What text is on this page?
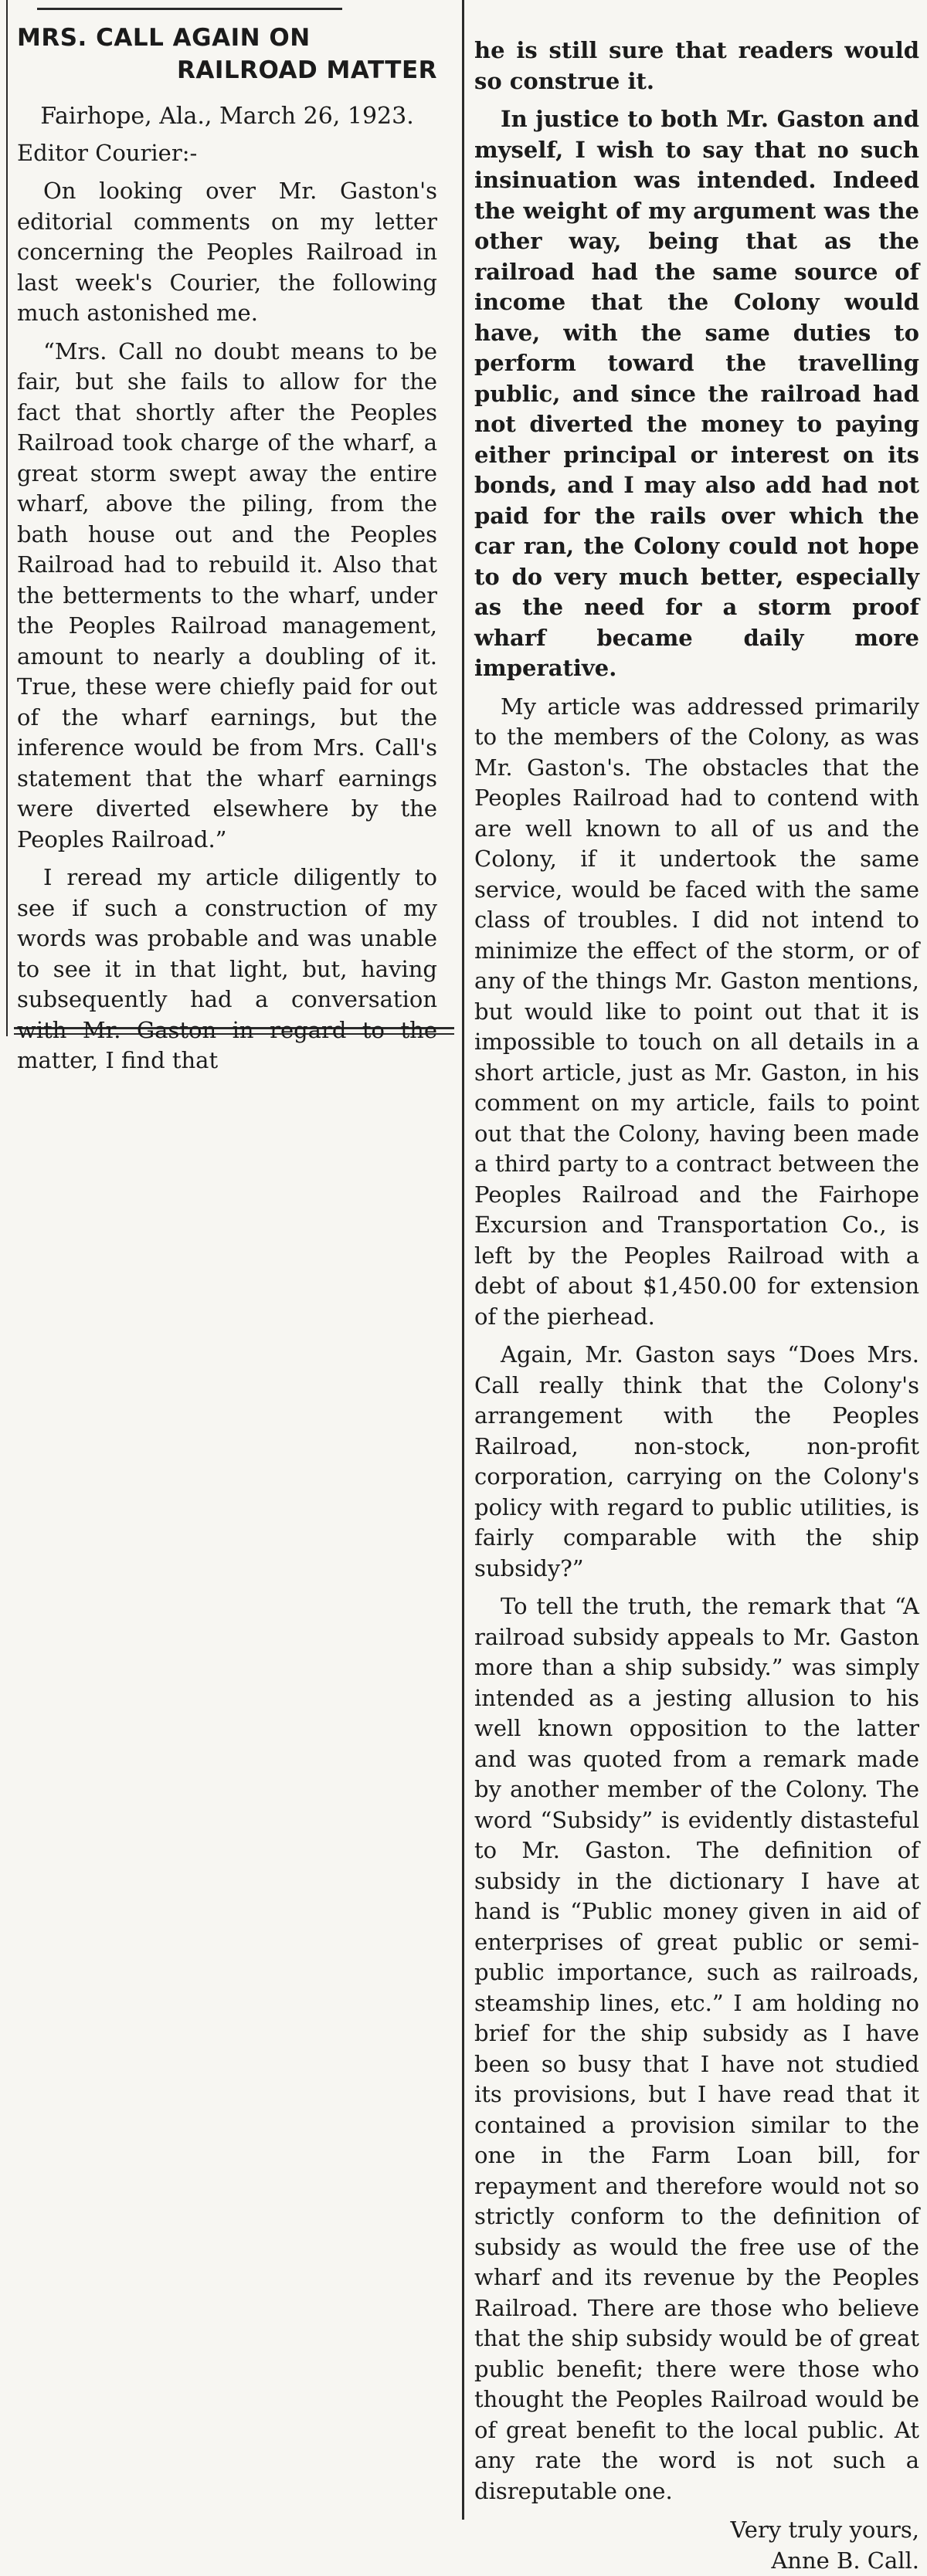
MRS. CALL AGAIN ON
RAILROAD MATTER
Fairhope, Ala., March 26, 1923.
Editor Courier:-

On looking over Mr. Gaston's editorial comments on my letter concerning the Peoples Railroad in last week's Courier, the following much astonished me.

“Mrs. Call no doubt means to be fair, but she fails to allow for the fact that shortly after the Peoples Railroad took charge of the wharf, a great storm swept away the entire wharf, above the piling, from the bath house out and the Peoples Railroad had to rebuild it. Also that the betterments to the wharf, under the Peoples Railroad management, amount to nearly a doubling of it. True, these were chiefly paid for out of the wharf earnings, but the inference would be from Mrs. Call's statement that the wharf earnings were diverted elsewhere by the Peoples Railroad.”

I reread my article diligently to see if such a construction of my words was probable and was unable to see it in that light, but, having subsequently had a conversation with Mr. Gaston in regard to the matter, I find that

he is still sure that readers would so construe it.

In justice to both Mr. Gaston and myself, I wish to say that no such insinuation was intended. Indeed the weight of my argument was the other way, being that as the railroad had the same source of income that the Colony would have, with the same duties to perform toward the travelling public, and since the railroad had not diverted the money to paying either principal or interest on its bonds, and I may also add had not paid for the rails over which the car ran, the Colony could not hope to do very much better, especially as the need for a storm proof wharf became daily more imperative.

My article was addressed primarily to the members of the Colony, as was Mr. Gaston's. The obstacles that the Peoples Railroad had to contend with are well known to all of us and the Colony, if it undertook the same service, would be faced with the same class of troubles. I did not intend to minimize the effect of the storm, or of any of the things Mr. Gaston mentions, but would like to point out that it is impossible to touch on all details in a short article, just as Mr. Gaston, in his comment on my article, fails to point out that the Colony, having been made a third party to a contract between the Peoples Railroad and the Fairhope Excursion and Transportation Co., is left by the Peoples Railroad with a debt of about $1,450.00 for extension of the pierhead.

Again, Mr. Gaston says “Does Mrs. Call really think that the Colony's arrangement with the Peoples Railroad, non-stock, non-profit corporation, carrying on the Colony's policy with regard to public utilities, is fairly comparable with the ship subsidy?”

To tell the truth, the remark that “A railroad subsidy appeals to Mr. Gaston more than a ship subsidy.” was simply intended as a jesting allusion to his well known opposition to the latter and was quoted from a remark made by another member of the Colony. The word “Subsidy” is evidently distasteful to Mr. Gaston. The definition of subsidy in the dictionary I have at hand is “Public money given in aid of enterprises of great public or semi-public importance, such as railroads, steamship lines, etc.” I am holding no brief for the ship subsidy as I have been so busy that I have not studied its provisions, but I have read that it contained a provision similar to the one in the Farm Loan bill, for repayment and therefore would not so strictly conform to the definition of subsidy as would the free use of the wharf and its revenue by the Peoples Railroad. There are those who believe that the ship subsidy would be of great public benefit; there were those who thought the Peoples Railroad would be of great benefit to the local public. At any rate the word is not such a disreputable one.

Very truly yours,
Anne B. Call.
